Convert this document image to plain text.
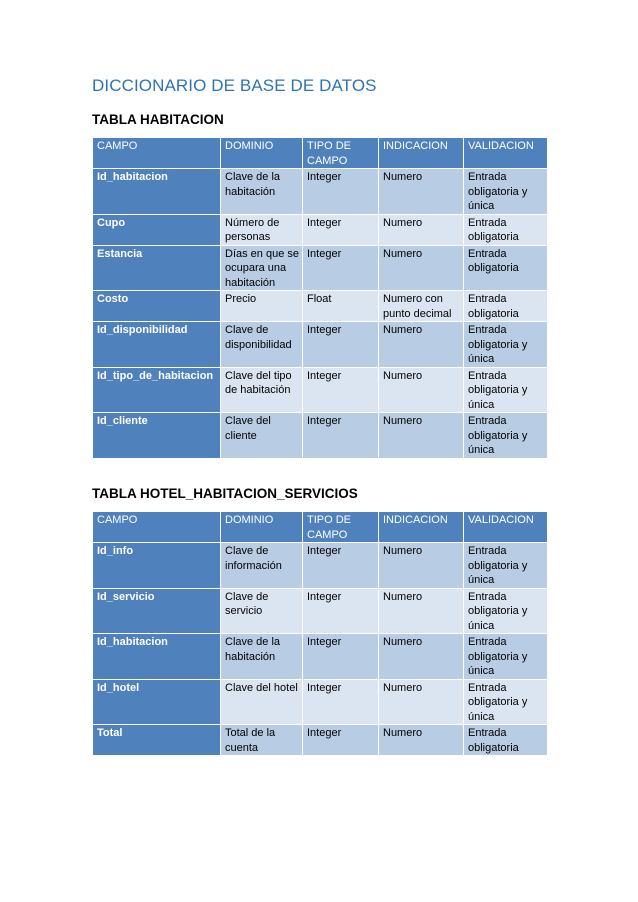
DICCIONARIO DE BASE DE DATOS
TABLA HABITACION
CAMPO	DOMINIO	TIPO DE CAMPO	INDICACION	VALIDACION
Id_habitacion	Clave de la habitación	Integer	Numero	Entrada obligatoria y única
Cupo	Número de personas	Integer	Numero	Entrada obligatoria
Estancia	Días en que se ocupara una habitación	Integer	Numero	Entrada obligatoria
Costo	Precio	Float	Numero con punto decimal	Entrada obligatoria
Id_disponibilidad	Clave de disponibilidad	Integer	Numero	Entrada obligatoria y única
Id_tipo_de_habitacion	Clave del tipo de habitación	Integer	Numero	Entrada obligatoria y única
Id_cliente	Clave del cliente	Integer	Numero	Entrada obligatoria y única
TABLA HOTEL_HABITACION_SERVICIOS
CAMPO	DOMINIO	TIPO DE CAMPO	INDICACION	VALIDACION
Id_info	Clave de información	Integer	Numero	Entrada obligatoria y única
Id_servicio	Clave de servicio	Integer	Numero	Entrada obligatoria y única
Id_habitacion	Clave de la habitación	Integer	Numero	Entrada obligatoria y única
Id_hotel	Clave del hotel	Integer	Numero	Entrada obligatoria y única
Total	Total de la cuenta	Integer	Numero	Entrada obligatoria
